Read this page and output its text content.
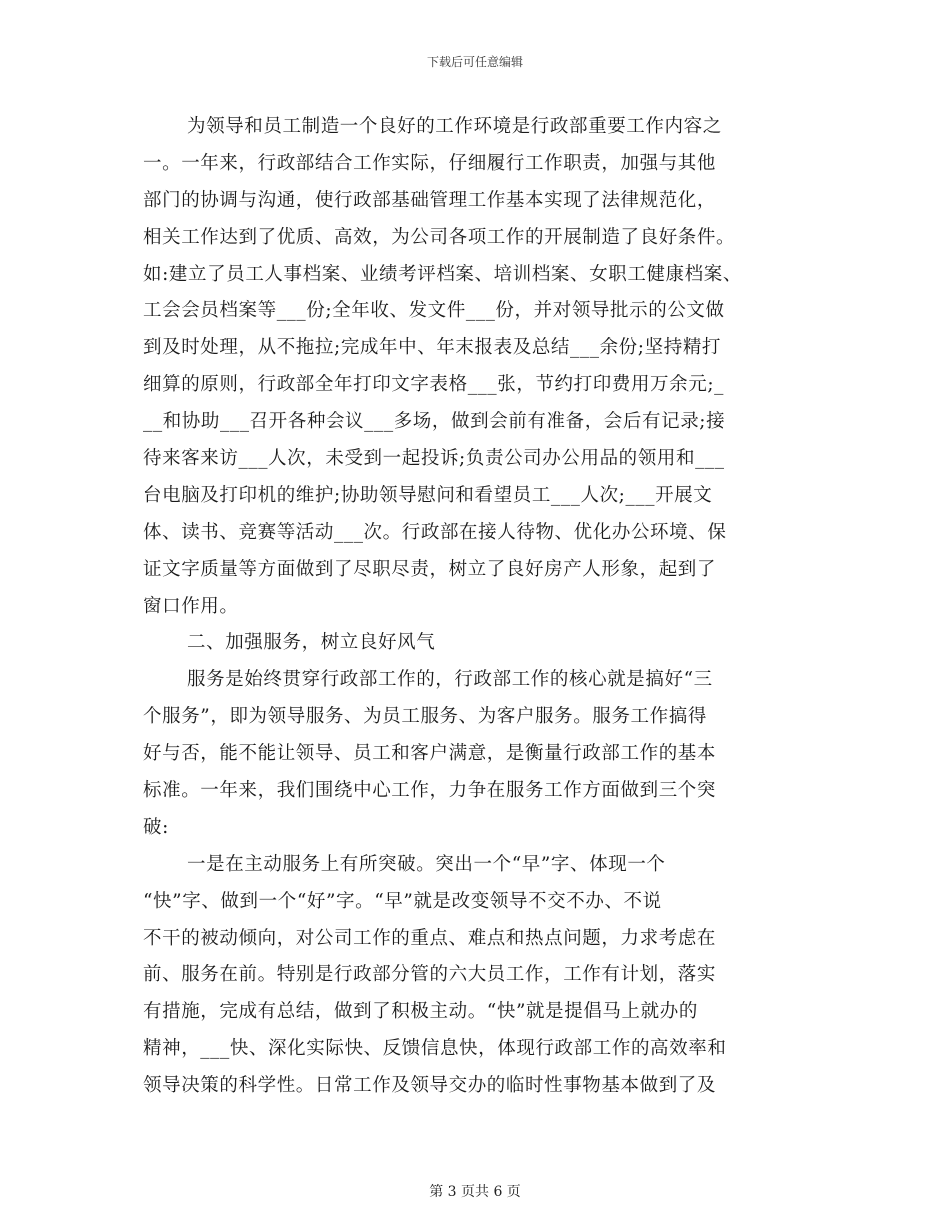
下载后可任意编辑
为领导和员工制造一个良好的工作环境是行政部重要工作内容之
一。一年来，行政部结合工作实际，仔细履行工作职责，加强与其他
部门的协调与沟通，使行政部基础管理工作基本实现了法律规范化，
相关工作达到了优质、高效，为公司各项工作的开展制造了良好条件。
如:建立了员工人事档案、业绩考评档案、培训档案、女职工健康档案、
工会会员档案等___份;全年收、发文件___份，并对领导批示的公文做
到及时处理，从不拖拉;完成年中、年末报表及总结___余份;坚持精打
细算的原则，行政部全年打印文字表格___张，节约打印费用万余元;_
__和协助___召开各种会议___多场，做到会前有准备，会后有记录;接
待来客来访___人次，未受到一起投诉;负责公司办公用品的领用和___
台电脑及打印机的维护;协助领导慰问和看望员工___人次;___开展文
体、读书、竞赛等活动___次。行政部在接人待物、优化办公环境、保
证文字质量等方面做到了尽职尽责，树立了良好房产人形象，起到了
窗口作用。
二、加强服务，树立良好风气
服务是始终贯穿行政部工作的，行政部工作的核心就是搞好“三
个服务”，即为领导服务、为员工服务、为客户服务。服务工作搞得
好与否，能不能让领导、员工和客户满意，是衡量行政部工作的基本
标准。一年来，我们围绕中心工作，力争在服务工作方面做到三个突
破:
一是在主动服务上有所突破。突出一个“早”字、体现一个
“快”字、做到一个“好”字。“早”就是改变领导不交不办、不说
不干的被动倾向，对公司工作的重点、难点和热点问题，力求考虑在
前、服务在前。特别是行政部分管的六大员工作，工作有计划，落实
有措施，完成有总结，做到了积极主动。“快”就是提倡马上就办的
精神，___快、深化实际快、反馈信息快，体现行政部工作的高效率和
领导决策的科学性。日常工作及领导交办的临时性事物基本做到了及
第 3 页共 6 页
